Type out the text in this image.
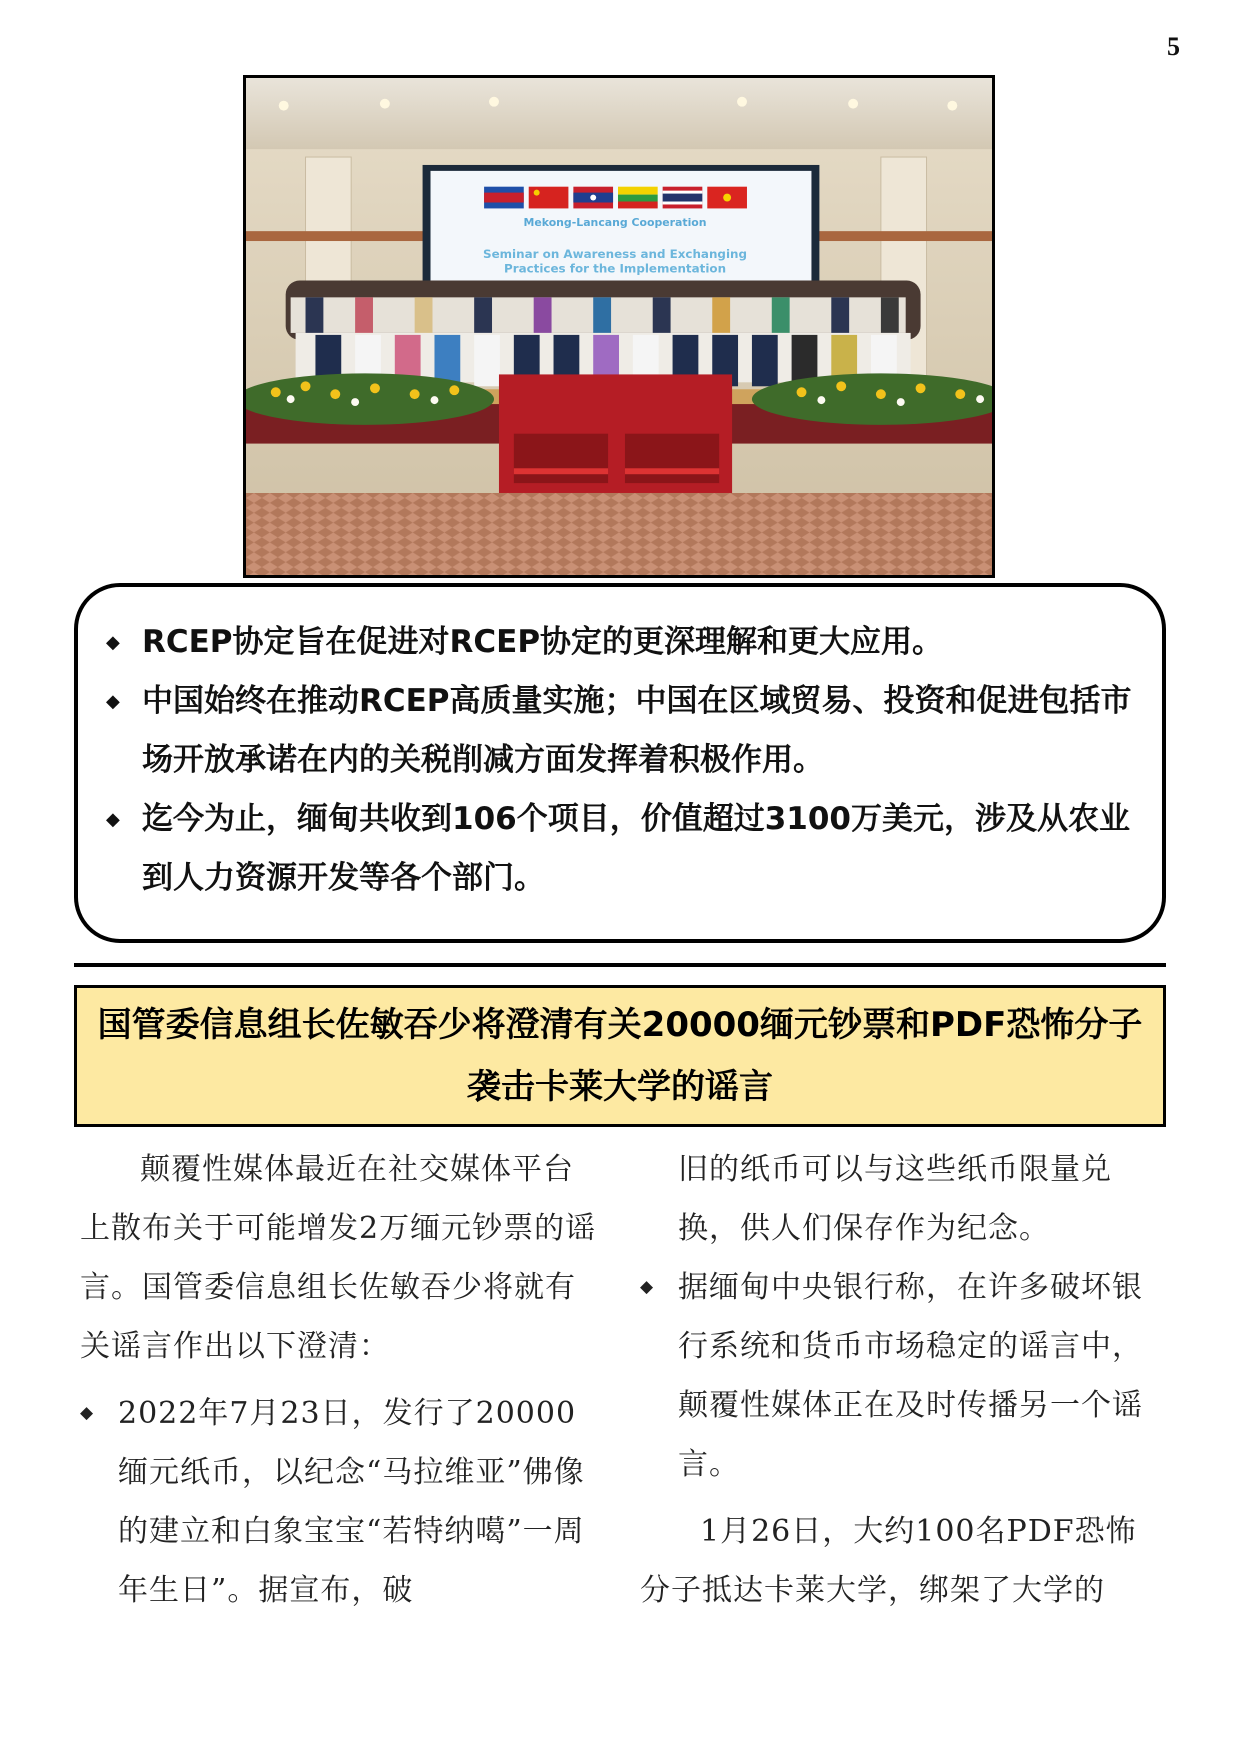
5
Mekong-Lancang Cooperation
Seminar on Awareness and Exchanging
Practices for the Implementation
◆ RCEP协定旨在促进对RCEP协定的更深理解和更大应用。
◆ 中国始终在推动RCEP高质量实施；中国在区域贸易、投资和促进包括市场开放承诺在内的关税削减方面发挥着积极作用。
◆ 迄今为止，缅甸共收到106个项目，价值超过3100万美元，涉及从农业到人力资源开发等各个部门。
国管委信息组长佐敏吞少将澄清有关20000缅元钞票和PDF恐怖分子袭击卡莱大学的谣言

颠覆性媒体最近在社交媒体平台上散布关于可能增发2万缅元钞票的谣言。国管委信息组长佐敏吞少将就有关谣言作出以下澄清：

◆ 2022年7月23日，发行了20000缅元纸币，以纪念“马拉维亚”佛像的建立和白象宝宝“若特纳噶”一周年生日”。据宣布，破

旧的纸币可以与这些纸币限量兑换，供人们保存作为纪念。

◆ 据缅甸中央银行称，在许多破坏银行系统和货币市场稳定的谣言中，颠覆性媒体正在及时传播另一个谣言。

1月26日，大约100名PDF恐怖分子抵达卡莱大学，绑架了大学的
